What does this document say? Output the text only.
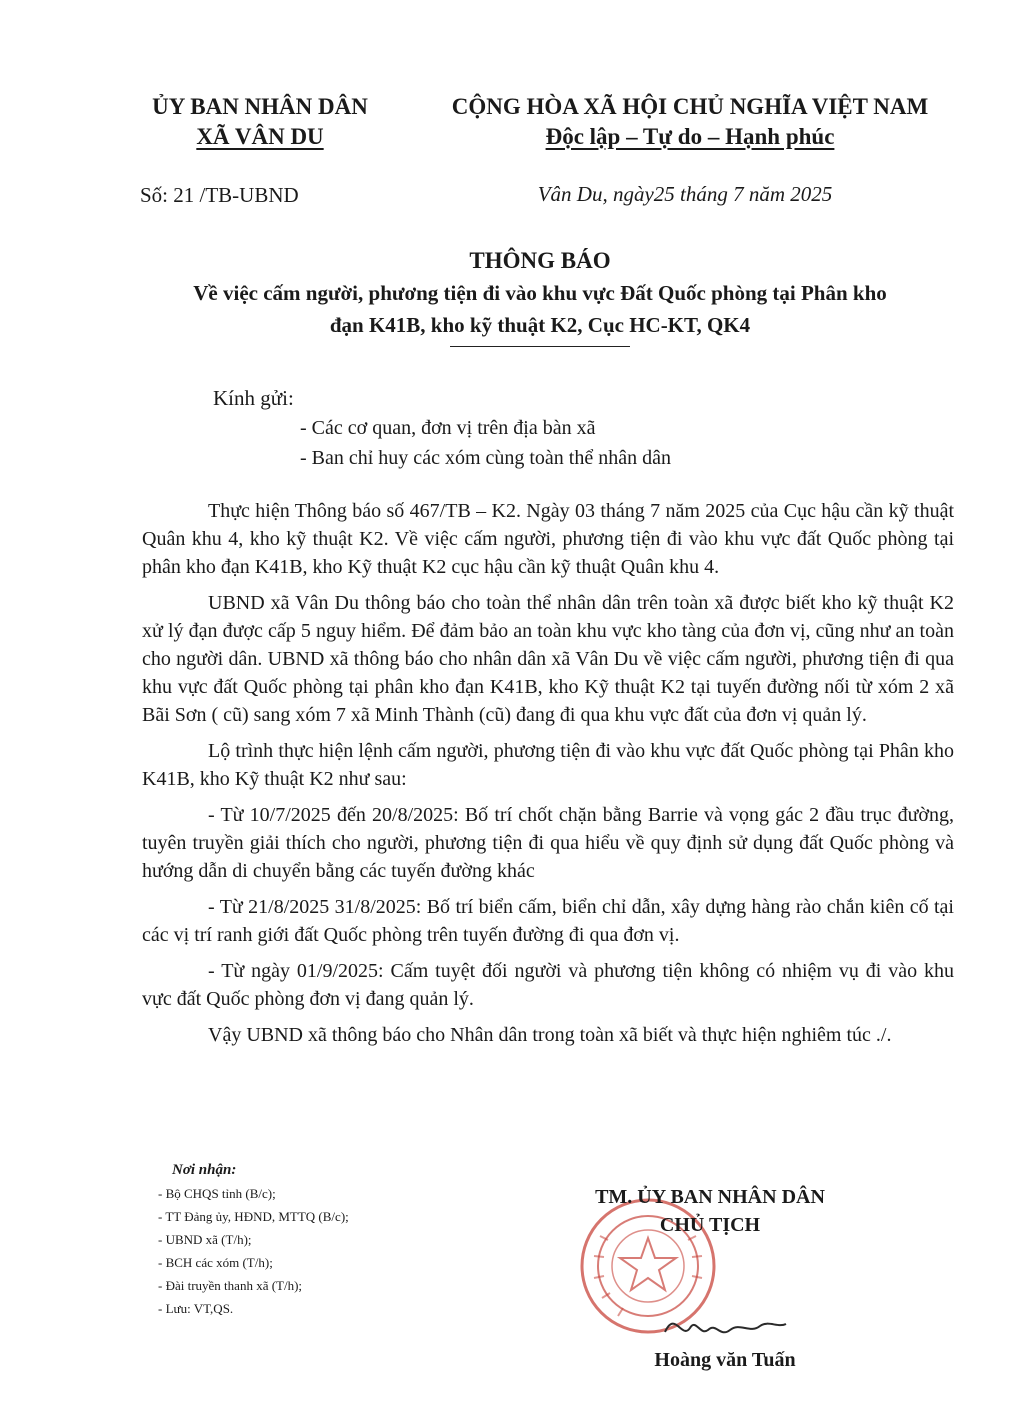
ỦY BAN NHÂN DÂN
XÃ VÂN DU
CỘNG HÒA XÃ HỘI CHỦ NGHĨA VIỆT NAM
Độc lập – Tự do – Hạnh phúc
Số: 21 /TB-UBND	Vân Du, ngày25 tháng 7 năm 2025
THÔNG BÁO
Về việc cấm người, phương tiện đi vào khu vực Đất Quốc phòng tại Phân kho
đạn K41B, kho kỹ thuật K2, Cục HC-KT, QK4
Kính gửi:
- Các cơ quan, đơn vị trên địa bàn xã
- Ban chỉ huy các xóm cùng toàn thể nhân dân

Thực hiện Thông báo số 467/TB – K2. Ngày 03 tháng 7 năm 2025 của Cục hậu cần kỹ thuật Quân khu 4, kho kỹ thuật K2. Về việc cấm người, phương tiện đi vào khu vực đất Quốc phòng tại phân kho đạn K41B, kho Kỹ thuật K2 cục hậu cần kỹ thuật Quân khu 4.

UBND xã Vân Du thông báo cho toàn thể nhân dân trên toàn xã được biết kho kỹ thuật K2 xử lý đạn được cấp 5 nguy hiểm. Để đảm bảo an toàn khu vực kho tàng của đơn vị, cũng như an toàn cho người dân. UBND xã thông báo cho nhân dân xã Vân Du về việc cấm người, phương tiện đi qua khu vực đất Quốc phòng tại phân kho đạn K41B, kho Kỹ thuật K2 tại tuyến đường nối từ xóm 2 xã Bãi Sơn ( cũ) sang xóm 7 xã Minh Thành (cũ) đang đi qua khu vực đất của đơn vị quản lý.

Lộ trình thực hiện lệnh cấm người, phương tiện đi vào khu vực đất Quốc phòng tại Phân kho K41B, kho Kỹ thuật K2 như sau:

- Từ 10/7/2025 đến 20/8/2025: Bố trí chốt chặn bằng Barrie và vọng gác 2 đầu trục đường, tuyên truyền giải thích cho người, phương tiện đi qua hiểu về quy định sử dụng đất Quốc phòng và hướng dẫn di chuyển bằng các tuyến đường khác

- Từ 21/8/2025 31/8/2025: Bố trí biển cấm, biển chỉ dẫn, xây dựng hàng rào chắn kiên cố tại các vị trí ranh giới đất Quốc phòng trên tuyến đường đi qua đơn vị.

- Từ ngày 01/9/2025: Cấm tuyệt đối người và phương tiện không có nhiệm vụ đi vào khu vực đất Quốc phòng đơn vị đang quản lý.

Vậy UBND xã thông báo cho Nhân dân trong toàn xã biết và thực hiện nghiêm túc ./.

Nơi nhận:
- Bộ CHQS tỉnh (B/c);
- TT Đảng ủy, HĐND, MTTQ (B/c);
- UBND xã (T/h);
- BCH các xóm (T/h);
- Đài truyền thanh xã (T/h);
- Lưu: VT,QS.
TM. ỦY BAN NHÂN DÂN
CHỦ TỊCH
Hoàng văn Tuấn
